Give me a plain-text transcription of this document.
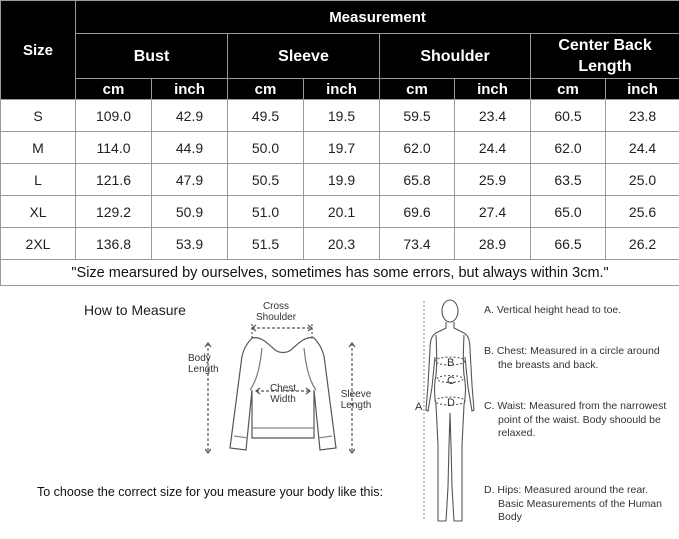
Size	Measurement							
	Bust		Sleeve		Shoulder		Center Back Length	

	cm	inch	cm	inch	cm	inch	cm	inch
S	109.0	42.9	49.5	19.5	59.5	23.4	60.5	23.8
M	114.0	44.9	50.0	19.7	62.0	24.4	62.0	24.4
L	121.6	47.9	50.5	19.9	65.8	25.9	63.5	25.0
XL	129.2	50.9	51.0	20.1	69.6	27.4	65.0	25.6
2XL	136.8	53.9	51.5	20.3	73.4	28.9	66.5	26.2
"Size mearsured by ourselves, sometimes has some errors, but always within 3cm."								
How to Measure	Cross
Shoulder
Body
Length
Chest
Width	Sleeve
Length
To choose the correct size for you measure your body like this:
B
C
D
A
A. Vertical height head to toe.
B. Chest: Measured in a circle around the breasts and back.
C. Waist: Measured from the narrowest point of the waist. Body shoould be relaxed.
D. Hips: Measured around the rear. Basic Measurements of the Human Body
